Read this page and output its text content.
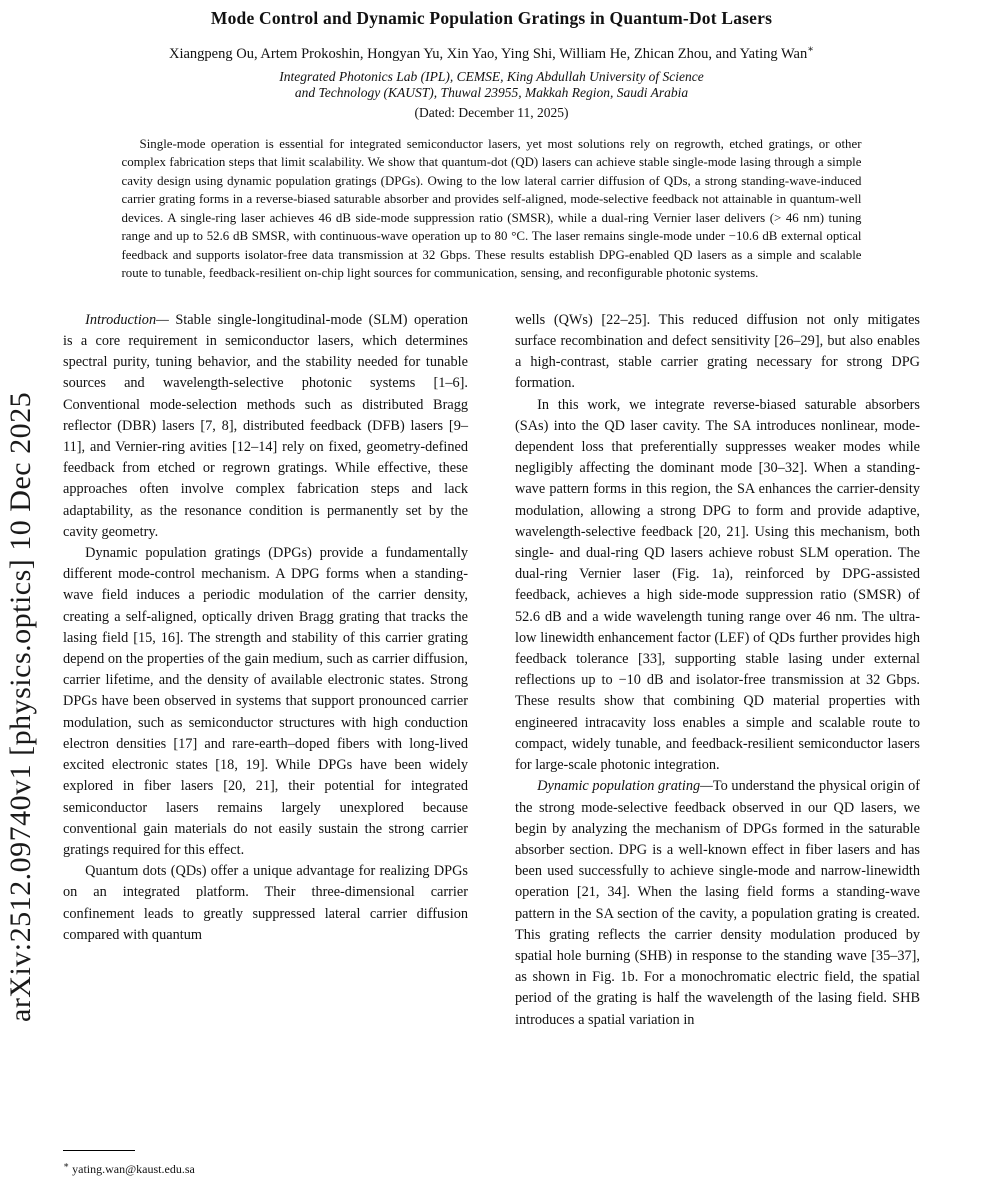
arXiv:2512.09740v1 [physics.optics] 10 Dec 2025
Mode Control and Dynamic Population Gratings in Quantum-Dot Lasers
Xiangpeng Ou, Artem Prokoshin, Hongyan Yu, Xin Yao, Ying Shi, William He, Zhican Zhou, and Yating Wan∗
Integrated Photonics Lab (IPL), CEMSE, King Abdullah University of Science
and Technology (KAUST), Thuwal 23955, Makkah Region, Saudi Arabia
(Dated: December 11, 2025)
Single-mode operation is essential for integrated semiconductor lasers, yet most solutions rely on regrowth, etched gratings, or other complex fabrication steps that limit scalability. We show that quantum-dot (QD) lasers can achieve stable single-mode lasing through a simple cavity design using dynamic population gratings (DPGs). Owing to the low lateral carrier diffusion of QDs, a strong standing-wave-induced carrier grating forms in a reverse-biased saturable absorber and provides self-aligned, mode-selective feedback not attainable in quantum-well devices. A single-ring laser achieves 46 dB side-mode suppression ratio (SMSR), while a dual-ring Vernier laser delivers (> 46 nm) tuning range and up to 52.6 dB SMSR, with continuous-wave operation up to 80 °C. The laser remains single-mode under −10.6 dB external optical feedback and supports isolator-free data transmission at 32 Gbps. These results establish DPG-enabled QD lasers as a simple and scalable route to tunable, feedback-resilient on-chip light sources for communication, sensing, and reconfigurable photonic systems.

Introduction— Stable single-longitudinal-mode (SLM) operation is a core requirement in semiconductor lasers, which determines spectral purity, tuning behavior, and the stability needed for tunable sources and wavelength-selective photonic systems [1–6]. Conventional mode-selection methods such as distributed Bragg reflector (DBR) lasers [7, 8], distributed feedback (DFB) lasers [9–11], and Vernier-ring avities [12–14] rely on fixed, geometry-defined feedback from etched or regrown gratings. While effective, these approaches often involve complex fabrication steps and lack adaptability, as the resonance condition is permanently set by the cavity geometry.

Dynamic population gratings (DPGs) provide a fundamentally different mode-control mechanism. A DPG forms when a standing-wave field induces a periodic modulation of the carrier density, creating a self-aligned, optically driven Bragg grating that tracks the lasing field [15, 16]. The strength and stability of this carrier grating depend on the properties of the gain medium, such as carrier diffusion, carrier lifetime, and the density of available electronic states. Strong DPGs have been observed in systems that support pronounced carrier modulation, such as semiconductor structures with high conduction electron densities [17] and rare-earth–doped fibers with long-lived excited electronic states [18, 19]. While DPGs have been widely explored in fiber lasers [20, 21], their potential for integrated semiconductor lasers remains largely unexplored because conventional gain materials do not easily sustain the strong carrier gratings required for this effect.

Quantum dots (QDs) offer a unique advantage for realizing DPGs on an integrated platform. Their three-dimensional carrier confinement leads to greatly suppressed lateral carrier diffusion compared with quantum

wells (QWs) [22–25]. This reduced diffusion not only mitigates surface recombination and defect sensitivity [26–29], but also enables a high-contrast, stable carrier grating necessary for strong DPG formation.

In this work, we integrate reverse-biased saturable absorbers (SAs) into the QD laser cavity. The SA introduces nonlinear, mode-dependent loss that preferentially suppresses weaker modes while negligibly affecting the dominant mode [30–32]. When a standing-wave pattern forms in this region, the SA enhances the carrier-density modulation, allowing a strong DPG to form and provide adaptive, wavelength-selective feedback [20, 21]. Using this mechanism, both single- and dual-ring QD lasers achieve robust SLM operation. The dual-ring Vernier laser (Fig. 1a), reinforced by DPG-assisted feedback, achieves a high side-mode suppression ratio (SMSR) of 52.6 dB and a wide wavelength tuning range over 46 nm. The ultra-low linewidth enhancement factor (LEF) of QDs further provides high feedback tolerance [33], supporting stable lasing under external reflections up to −10 dB and isolator-free transmission at 32 Gbps. These results show that combining QD material properties with engineered intracavity loss enables a simple and scalable route to compact, widely tunable, and feedback-resilient semiconductor lasers for large-scale photonic integration.

Dynamic population grating—To understand the physical origin of the strong mode-selective feedback observed in our QD lasers, we begin by analyzing the mechanism of DPGs formed in the saturable absorber section. DPG is a well-known effect in fiber lasers and has been used successfully to achieve single-mode and narrow-linewidth operation [21, 34]. When the lasing field forms a standing-wave pattern in the SA section of the cavity, a population grating is created. This grating reflects the carrier density modulation produced by spatial hole burning (SHB) in response to the standing wave [35–37], as shown in Fig. 1b. For a monochromatic electric field, the spatial period of the grating is half the wavelength of the lasing field. SHB introduces a spatial variation in

∗ yating.wan@kaust.edu.sa
